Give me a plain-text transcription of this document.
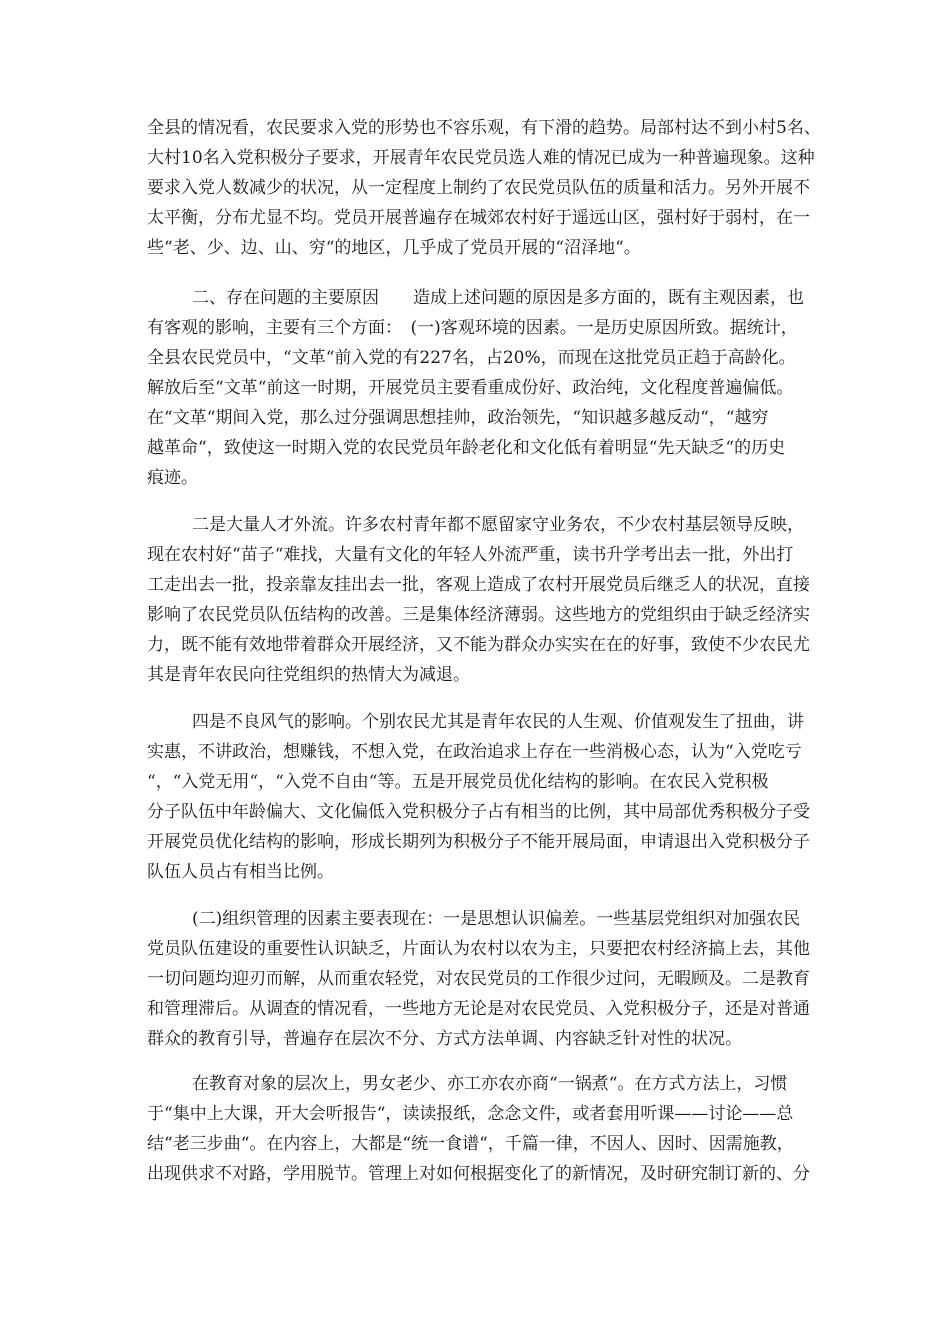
全县的情况看，农民要求入党的形势也不容乐观，有下滑的趋势。局部村达不到小村5名、
大村10名入党积极分子要求，开展青年农民党员选人难的情况已成为一种普遍现象。这种
要求入党人数减少的状况，从一定程度上制约了农民党员队伍的质量和活力。另外开展不
太平衡，分布尤显不均。党员开展普遍存在城郊农村好于遥远山区，强村好于弱村，在一
些“老、少、边、山、穷“的地区，几乎成了党员开展的“沼泽地“。
二、存在问题的主要原因　　造成上述问题的原因是多方面的，既有主观因素，也
有客观的影响，主要有三个方面：　(一)客观环境的因素。一是历史原因所致。据统计，
全县农民党员中，“文革“前入党的有227名，占20%，而现在这批党员正趋于高龄化。
解放后至“文革“前这一时期，开展党员主要看重成份好、政治纯，文化程度普遍偏低。
在“文革“期间入党，那么过分强调思想挂帅，政治领先，“知识越多越反动“，“越穷
越革命“，致使这一时期入党的农民党员年龄老化和文化低有着明显“先天缺乏“的历史
痕迹。
二是大量人才外流。许多农村青年都不愿留家守业务农，不少农村基层领导反映，
现在农村好“苗子“难找，大量有文化的年轻人外流严重，读书升学考出去一批，外出打
工走出去一批，投亲靠友挂出去一批，客观上造成了农村开展党员后继乏人的状况，直接
影响了农民党员队伍结构的改善。三是集体经济薄弱。这些地方的党组织由于缺乏经济实
力，既不能有效地带着群众开展经济，又不能为群众办实实在在的好事，致使不少农民尤
其是青年农民向往党组织的热情大为减退。
四是不良风气的影响。个别农民尤其是青年农民的人生观、价值观发生了扭曲，讲
实惠，不讲政治，想赚钱，不想入党，在政治追求上存在一些消极心态，认为“入党吃亏
“，“入党无用“，“入党不自由“等。五是开展党员优化结构的影响。在农民入党积极
分子队伍中年龄偏大、文化偏低入党积极分子占有相当的比例，其中局部优秀积极分子受
开展党员优化结构的影响，形成长期列为积极分子不能开展局面，申请退出入党积极分子
队伍人员占有相当比例。
(二)组织管理的因素主要表现在：一是思想认识偏差。一些基层党组织对加强农民
党员队伍建设的重要性认识缺乏，片面认为农村以农为主，只要把农村经济搞上去，其他
一切问题均迎刃而解，从而重农轻党，对农民党员的工作很少过问，无暇顾及。二是教育
和管理滞后。从调查的情况看，一些地方无论是对农民党员、入党积极分子，还是对普通
群众的教育引导，普遍存在层次不分、方式方法单调、内容缺乏针对性的状况。
在教育对象的层次上，男女老少、亦工亦农亦商“一锅煮“。在方式方法上，习惯
于“集中上大课，开大会听报告“，读读报纸，念念文件，或者套用听课——讨论——总
结“老三步曲“。在内容上，大都是“统一食谱“，千篇一律，不因人、因时、因需施教，
出现供求不对路，学用脱节。管理上对如何根据变化了的新情况，及时研究制订新的、分
